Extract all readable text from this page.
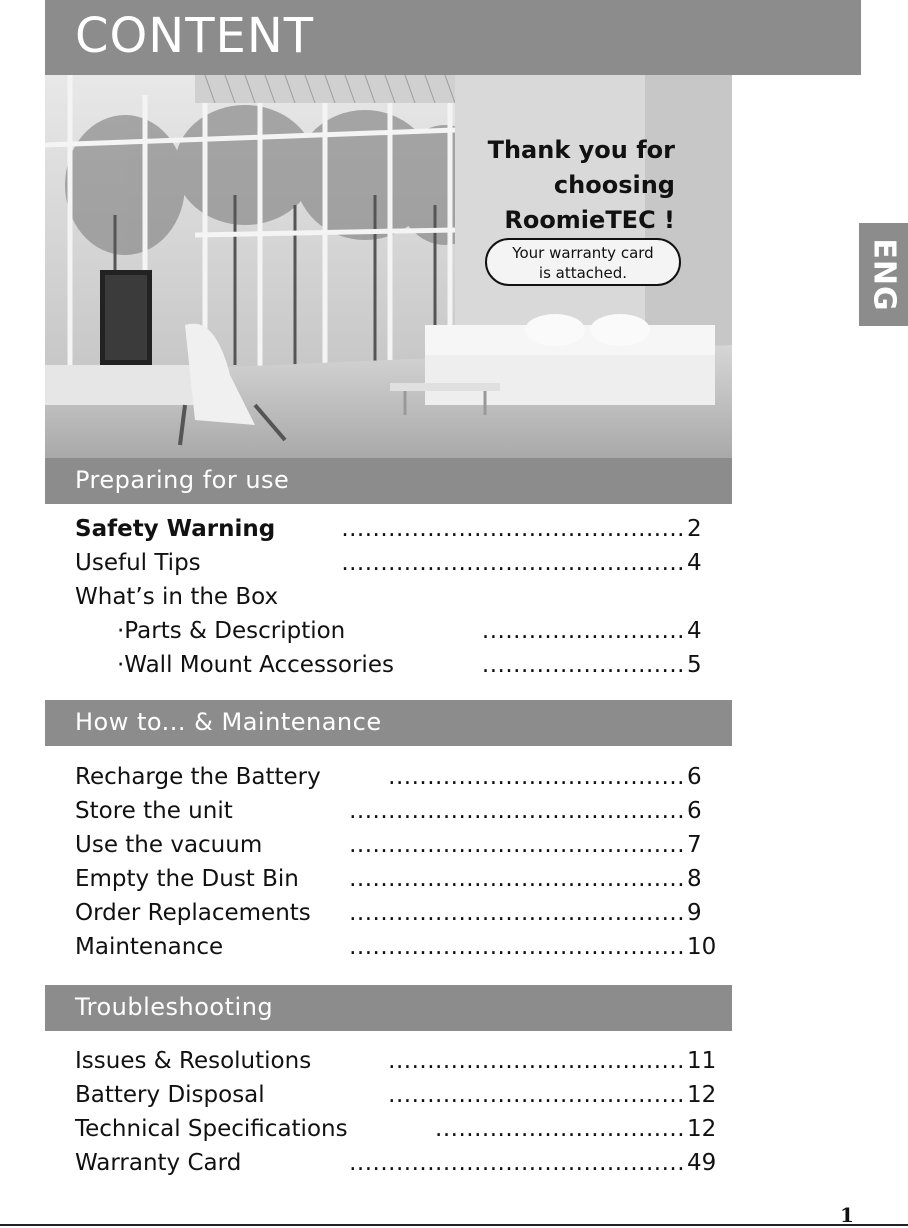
CONTENT
Thank you for
choosing
RoomieTEC !
Your warranty card
is attached.	ENG
Preparing for use
Safety Warning	............................................ 2
Useful Tips	............................................ 4
What’s in the Box
·Parts & Description	.......................... 4
·Wall Mount Accessories	.......................... 5
How to... & Maintenance
Recharge the Battery	...................................... 6
Store the unit	........................................... 6
Use the vacuum	........................................... 7
Empty the Dust Bin	........................................... 8
Order Replacements	........................................... 9
Maintenance	........................................... 10
Troubleshooting
Issues & Resolutions	...................................... 11
Battery Disposal	...................................... 12
Technical Specifications	................................ 12
Warranty Card	........................................... 49
1
